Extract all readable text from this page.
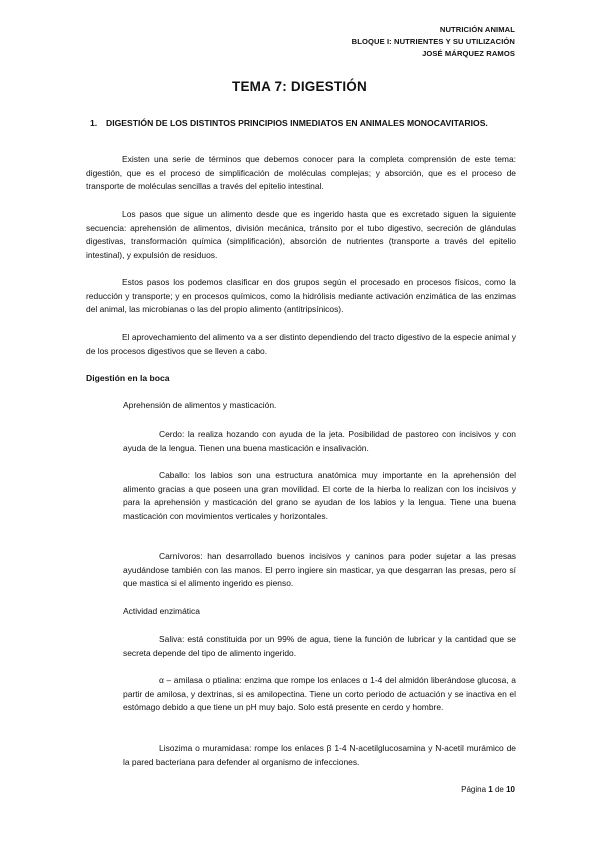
NUTRICIÓN ANIMAL
BLOQUE I: NUTRIENTES Y SU UTILIZACIÓN
JOSÉ MÁRQUEZ RAMOS
TEMA 7: DIGESTIÓN
1. DIGESTIÓN DE LOS DISTINTOS PRINCIPIOS INMEDIATOS EN ANIMALES MONOCAVITARIOS.
Existen una serie de términos que debemos conocer para la completa comprensión de este tema: digestión, que es el proceso de simplificación de moléculas complejas; y absorción, que es el proceso de transporte de moléculas sencillas a través del epitelio intestinal.
Los pasos que sigue un alimento desde que es ingerido hasta que es excretado siguen la siguiente secuencia: aprehensión de alimentos, división mecánica, tránsito por el tubo digestivo, secreción de glándulas digestivas, transformación química (simplificación), absorción de nutrientes (transporte a través del epitelio intestinal), y expulsión de residuos.
Estos pasos los podemos clasificar en dos grupos según el procesado en procesos físicos, como la reducción y transporte; y en procesos químicos, como la hidrólisis mediante activación enzimática de las enzimas del animal, las microbianas o las del propio alimento (antitripsínicos).
El aprovechamiento del alimento va a ser distinto dependiendo del tracto digestivo de la especie animal y de los procesos digestivos que se lleven a cabo.
Digestión en la boca
Aprehensión de alimentos y masticación.
Cerdo: la realiza hozando con ayuda de la jeta. Posibilidad de pastoreo con incisivos y con ayuda de la lengua. Tienen una buena masticación e insalivación.
Caballo: los labios son una estructura anatómica muy importante en la aprehensión del alimento gracias a que poseen una gran movilidad. El corte de la hierba lo realizan con los incisivos y para la aprehensión y masticación del grano se ayudan de los labios y la lengua. Tiene una buena masticación con movimientos verticales y horizontales.
Carnívoros: han desarrollado buenos incisivos y caninos para poder sujetar a las presas ayudándose también con las manos. El perro ingiere sin masticar, ya que desgarran las presas, pero sí que mastica si el alimento ingerido es pienso.
Actividad enzimática
Saliva: está constituida por un 99% de agua, tiene la función de lubricar y la cantidad que se secreta depende del tipo de alimento ingerido.
α – amilasa o ptialina: enzima que rompe los enlaces α 1-4 del almidón liberándose glucosa, a partir de amilosa, y dextrinas, si es amilopectina. Tiene un corto periodo de actuación y se inactiva en el estómago debido a que tiene un pH muy bajo. Solo está presente en cerdo y hombre.
Lisozima o muramidasa: rompe los enlaces β 1-4 N-acetilglucosamina y N-acetil murámico de la pared bacteriana para defender al organismo de infecciones.
Página 1 de 10
